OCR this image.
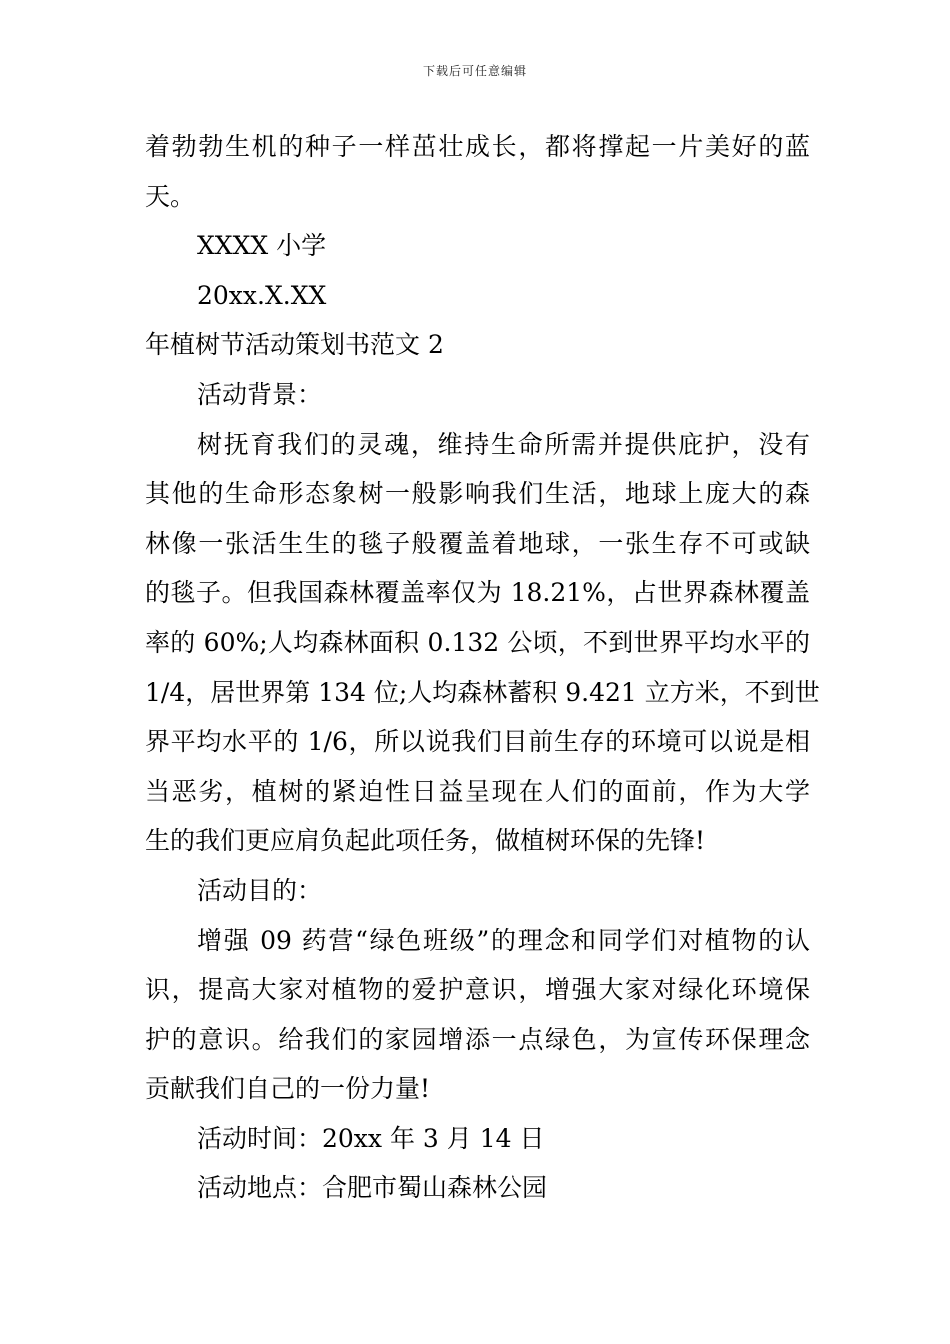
下载后可任意编辑
着勃勃生机的种子一样茁壮成长，都将撑起一片美好的蓝
天。
XXXX 小学
20xx.X.XX
年植树节活动策划书范文 2
活动背景：
树抚育我们的灵魂，维持生命所需并提供庇护，没有
其他的生命形态象树一般影响我们生活，地球上庞大的森
林像一张活生生的毯子般覆盖着地球，一张生存不可或缺
的毯子。但我国森林覆盖率仅为 18.21%，占世界森林覆盖
率的 60%;人均森林面积 0.132 公顷，不到世界平均水平的
1/4，居世界第 134 位;人均森林蓄积 9.421 立方米，不到世
界平均水平的 1/6，所以说我们目前生存的环境可以说是相
当恶劣，植树的紧迫性日益呈现在人们的面前，作为大学
生的我们更应肩负起此项任务，做植树环保的先锋!
活动目的：
增强 09 药营“绿色班级”的理念和同学们对植物的认
识，提高大家对植物的爱护意识，增强大家对绿化环境保
护的意识。给我们的家园增添一点绿色，为宣传环保理念
贡献我们自己的一份力量!
活动时间：20xx 年 3 月 14 日
活动地点：合肥市蜀山森林公园
